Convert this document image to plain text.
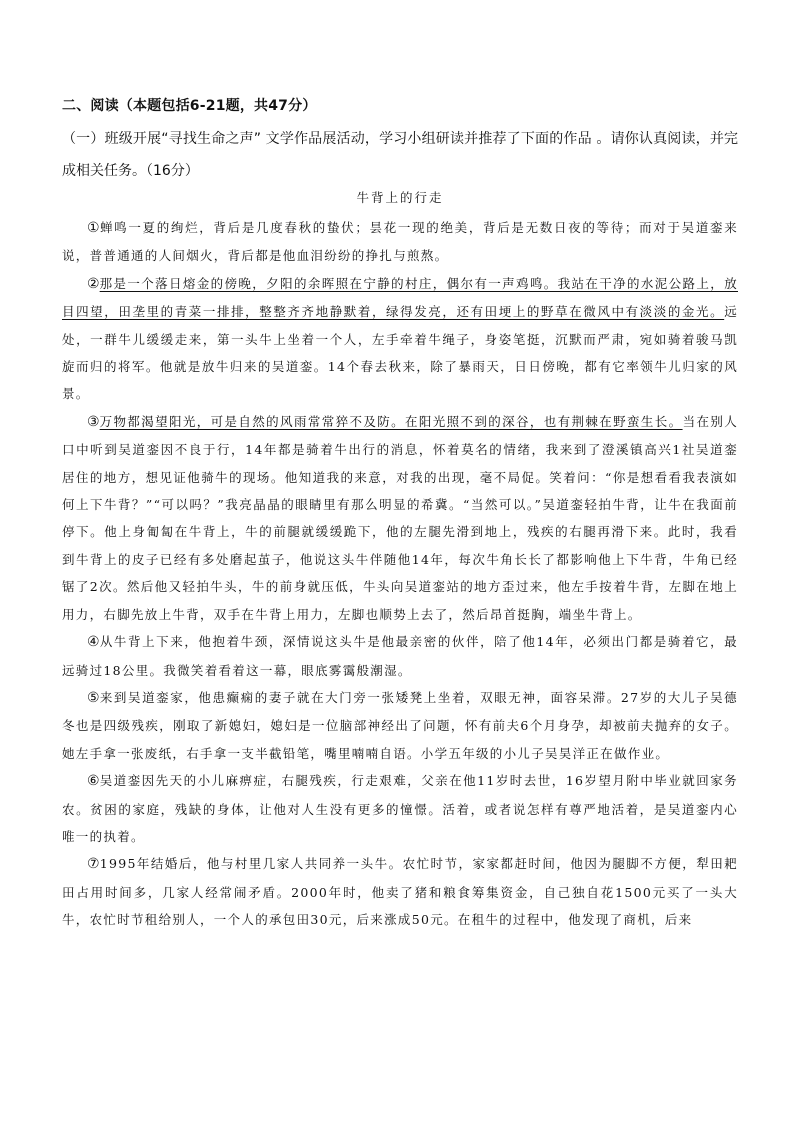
二、阅读（本题包括6-21题，共47分）
（一）班级开展“寻找生命之声” 文学作品展活动，学习小组研读并推荐了下面的作品 。请你认真阅读，并完成相关任务。（16分）
牛背上的行走

①蝉鸣一夏的绚烂，背后是几度春秋的蛰伏；昙花一现的绝美，背后是无数日夜的等待；而对于吴道銮来说，普普通通的人间烟火，背后都是他血泪纷纷的挣扎与煎熬。

②那是一个落日熔金的傍晚，夕阳的余晖照在宁静的村庄，偶尔有一声鸡鸣。我站在干净的水泥公路上，放目四望，田垄里的青菜一排排，整整齐齐地静默着，绿得发亮，还有田埂上的野草在微风中有淡淡的金光。远处，一群牛儿缓缓走来，第一头牛上坐着一个人，左手牵着牛绳子，身姿笔挺，沉默而严肃，宛如骑着骏马凯旋而归的将军。他就是放牛归来的吴道銮。14个春去秋来，除了暴雨天，日日傍晚，都有它率领牛儿归家的风景。

③万物都渴望阳光，可是自然的风雨常常猝不及防。在阳光照不到的深谷，也有荆棘在野蛮生长。当在别人口中听到吴道銮因不良于行，14年都是骑着牛出行的消息，怀着莫名的情绪，我来到了澄溪镇高兴1社吴道銮居住的地方，想见证他骑牛的现场。他知道我的来意，对我的出现，毫不局促。笑着问：“你是想看看我表演如何上下牛背？”“可以吗？”我亮晶晶的眼睛里有那么明显的希冀。“当然可以。”吴道銮轻拍牛背，让牛在我面前停下。他上身匍匐在牛背上，牛的前腿就缓缓跪下，他的左腿先滑到地上，残疾的右腿再滑下来。此时，我看到牛背上的皮子已经有多处磨起茧子，他说这头牛伴随他14年，每次牛角长长了都影响他上下牛背，牛角已经锯了2次。然后他又轻拍牛头，牛的前身就压低，牛头向吴道銮站的地方歪过来，他左手按着牛背，左脚在地上用力，右脚先放上牛背，双手在牛背上用力，左脚也顺势上去了，然后昂首挺胸，端坐牛背上。

④从牛背上下来，他抱着牛颈，深情说这头牛是他最亲密的伙伴，陪了他14年，必须出门都是骑着它，最远骑过18公里。我微笑着看着这一幕，眼底雾霭般潮湿。

⑤来到吴道銮家，他患癫痫的妻子就在大门旁一张矮凳上坐着，双眼无神，面容呆滞。27岁的大儿子吴德冬也是四级残疾，刚取了新媳妇，媳妇是一位脑部神经出了问题，怀有前夫6个月身孕，却被前夫抛弃的女子。她左手拿一张废纸，右手拿一支半截铅笔，嘴里喃喃自语。小学五年级的小儿子吴昊洋正在做作业。

⑥吴道銮因先天的小儿麻痹症，右腿残疾，行走艰难，父亲在他11岁时去世，16岁望月附中毕业就回家务农。贫困的家庭，残缺的身体，让他对人生没有更多的憧憬。活着，或者说怎样有尊严地活着，是吴道銮内心唯一的执着。

⑦1995年结婚后，他与村里几家人共同养一头牛。农忙时节，家家都赶时间，他因为腿脚不方便，犁田耙田占用时间多，几家人经常闹矛盾。2000年时，他卖了猪和粮食筹集资金，自己独自花1500元买了一头大牛，农忙时节租给别人，一个人的承包田30元，后来涨成50元。在租牛的过程中，他发现了商机，后来
